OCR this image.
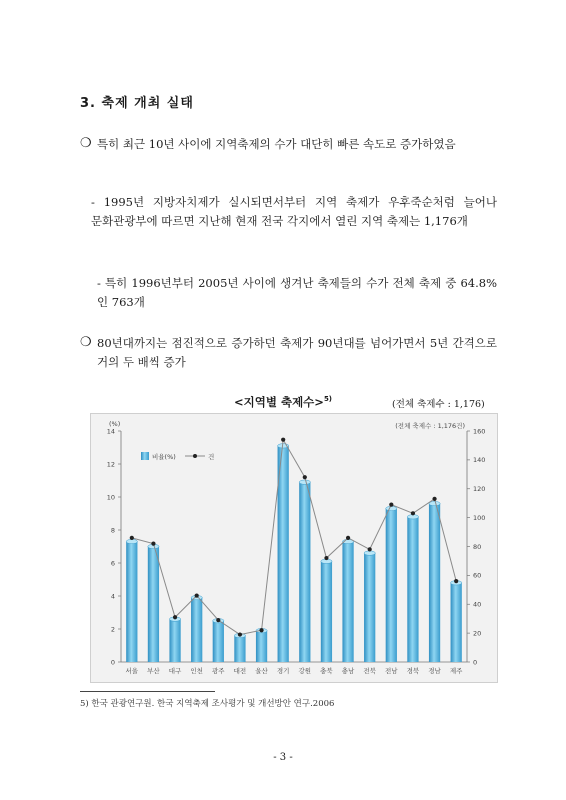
3. 축제 개최 실태
❍ 특히 최근 10년 사이에 지역축제의 수가 대단히 빠른 속도로 증가하였음
- 1995년 지방자치제가 실시되면서부터 지역 축제가 우후죽순처럼 늘어나 문화관광부에 따르면 지난해 현재 전국 각지에서 열린 지역 축제는 1,176개
- 특히 1996년부터 2005년 사이에 생겨난 축제들의 수가 전체 축제 중 64.8%인 763개
❍ 80년대까지는 점진적으로 증가하던 축제가 90년대를 넘어가면서 5년 간격으로 거의 두 배씩 증가
<지역별 축제수>$^{5)}$	(전체 축제수 : 1,176)
0
2
4
6
8
10
12
14
0
20
40
60
80
100
120
140
160
(%)	(전체 축제수 : 1,176건)
서울 부산 대구 인천 광주 대전 울산 경기 강원 충북 충남 전북 전남 경북 경남 제주
비율(%)	건
5) 한국 관광연구원. 한국 지역축제 조사평가 및 개선방안 연구.2006
- 3 -
